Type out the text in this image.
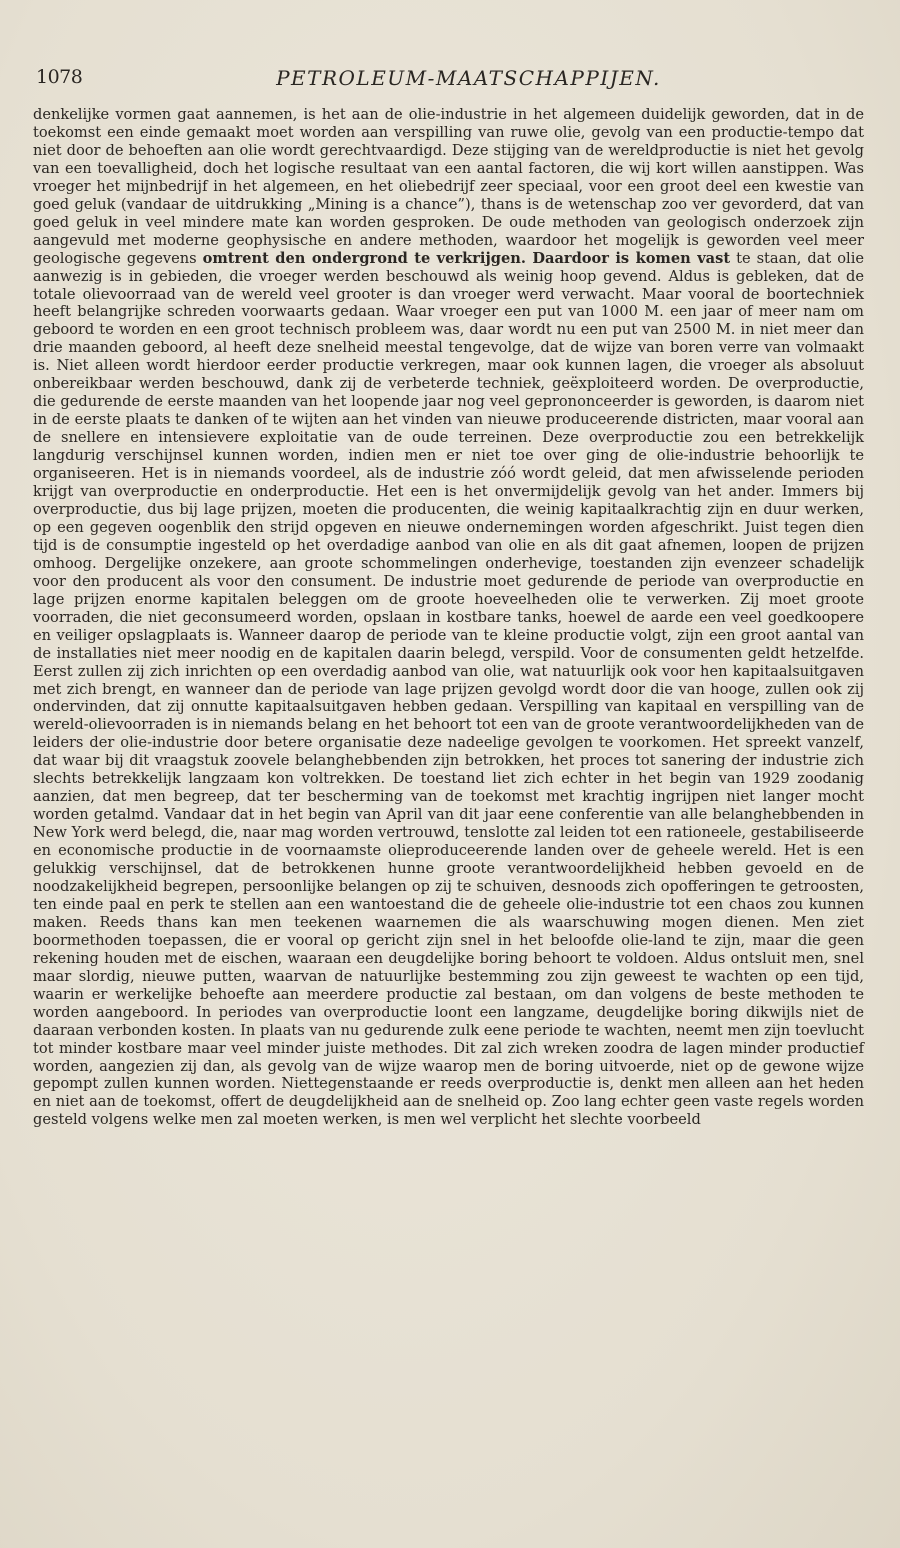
1078	PETROLEUM-MAATSCHAPPIJEN.

denkelijke vormen gaat aannemen, is het aan de olie-industrie in het algemeen duidelijk geworden, dat in de toekomst een einde gemaakt moet worden aan verspilling van ruwe olie, gevolg van een productie-tempo dat niet door de behoeften aan olie wordt gerechtvaardigd. Deze stijging van de wereldproductie is niet het gevolg van een toevalligheid, doch het logische resultaat van een aantal factoren, die wij kort willen aanstippen. Was vroeger het mijnbedrijf in het algemeen, en het oliebedrijf zeer speciaal, voor een groot deel een kwestie van goed geluk (vandaar de uitdrukking „Mining is a chance”), thans is de wetenschap zoo ver gevorderd, dat van goed geluk in veel mindere mate kan worden gesproken. De oude methoden van geologisch onderzoek zijn aangevuld met moderne geophysische en andere methoden, waardoor het mogelijk is geworden veel meer geologische gegevens omtrent den ondergrond te verkrijgen. Daardoor is komen vast te staan, dat olie aanwezig is in gebieden, die vroeger werden beschouwd als weinig hoop gevend. Aldus is gebleken, dat de totale olievoorraad van de wereld veel grooter is dan vroeger werd verwacht. Maar vooral de boortechniek heeft belangrijke schreden voorwaarts gedaan. Waar vroeger een put van 1000 M. een jaar of meer nam om geboord te worden en een groot technisch probleem was, daar wordt nu een put van 2500 M. in niet meer dan drie maanden geboord, al heeft deze snelheid meestal tengevolge, dat de wijze van boren verre van volmaakt is. Niet alleen wordt hierdoor eerder productie verkregen, maar ook kunnen lagen, die vroeger als absoluut onbereikbaar werden beschouwd, dank zij de verbeterde techniek, geëxploiteerd worden. De overproductie, die gedurende de eerste maanden van het loopende jaar nog veel geprononceerder is geworden, is daarom niet in de eerste plaats te danken of te wijten aan het vinden van nieuwe produceerende districten, maar vooral aan de snellere en intensievere exploitatie van de oude terreinen. Deze overproductie zou een betrekkelijk langdurig verschijnsel kunnen worden, indien men er niet toe over ging de olie-industrie behoorlijk te organiseeren. Het is in niemands voordeel, als de industrie zóó wordt geleid, dat men afwisselende perioden krijgt van overproductie en onderproductie. Het een is het onvermijdelijk gevolg van het ander. Immers bij overproductie, dus bij lage prijzen, moeten die producenten, die weinig kapitaalkrachtig zijn en duur werken, op een gegeven oogenblik den strijd opgeven en nieuwe ondernemingen worden afgeschrikt. Juist tegen dien tijd is de consumptie ingesteld op het overdadige aanbod van olie en als dit gaat afnemen, loopen de prijzen omhoog. Dergelijke onzekere, aan groote schommelingen onderhevige, toestanden zijn evenzeer schadelijk voor den producent als voor den consument. De industrie moet gedurende de periode van overproductie en lage prijzen enorme kapitalen beleggen om de groote hoeveelheden olie te verwerken. Zij moet groote voorraden, die niet geconsumeerd worden, opslaan in kostbare tanks, hoewel de aarde een veel goedkoopere en veiliger opslagplaats is. Wanneer daarop de periode van te kleine productie volgt, zijn een groot aantal van de installaties niet meer noodig en de kapitalen daarin belegd, verspild. Voor de consumenten geldt hetzelfde. Eerst zullen zij zich inrichten op een overdadig aanbod van olie, wat natuurlijk ook voor hen kapitaalsuitgaven met zich brengt, en wanneer dan de periode van lage prijzen gevolgd wordt door die van hooge, zullen ook zij ondervinden, dat zij onnutte kapitaalsuitgaven hebben gedaan. Verspilling van kapitaal en verspilling van de wereld-olievoorraden is in niemands belang en het behoort tot een van de groote verantwoordelijkheden van de leiders der olie-industrie door betere organisatie deze nadeelige gevolgen te voorkomen. Het spreekt vanzelf, dat waar bij dit vraagstuk zoovele belanghebbenden zijn betrokken, het proces tot sanering der industrie zich slechts betrekkelijk langzaam kon voltrekken. De toestand liet zich echter in het begin van 1929 zoodanig aanzien, dat men begreep, dat ter bescherming van de toekomst met krachtig ingrijpen niet langer mocht worden getalmd. Vandaar dat in het begin van April van dit jaar eene conferentie van alle belanghebbenden in New York werd belegd, die, naar mag worden vertrouwd, tenslotte zal leiden tot een rationeele, gestabiliseerde en economische productie in de voornaamste olieproduceerende landen over de geheele wereld. Het is een gelukkig verschijnsel, dat de betrokkenen hunne groote verantwoordelijkheid hebben gevoeld en de noodzakelijkheid begrepen, persoonlijke belangen op zij te schuiven, desnoods zich opofferingen te getroosten, ten einde paal en perk te stellen aan een wantoestand die de geheele olie-industrie tot een chaos zou kunnen maken. Reeds thans kan men teekenen waarnemen die als waarschuwing mogen dienen. Men ziet boormethoden toepassen, die er vooral op gericht zijn snel in het beloofde olie-land te zijn, maar die geen rekening houden met de eischen, waaraan een deugdelijke boring behoort te voldoen. Aldus ontsluit men, snel maar slordig, nieuwe putten, waarvan de natuurlijke bestemming zou zijn geweest te wachten op een tijd, waarin er werkelijke behoefte aan meerdere productie zal bestaan, om dan volgens de beste methoden te worden aangeboord. In periodes van overproductie loont een langzame, deugdelijke boring dikwijls niet de daaraan verbonden kosten. In plaats van nu gedurende zulk eene periode te wachten, neemt men zijn toevlucht tot minder kostbare maar veel minder juiste methodes. Dit zal zich wreken zoodra de lagen minder productief worden, aangezien zij dan, als gevolg van de wijze waarop men de boring uitvoerde, niet op de gewone wijze gepompt zullen kunnen worden. Niettegenstaande er reeds overproductie is, denkt men alleen aan het heden en niet aan de toekomst, offert de deugdelijkheid aan de snelheid op. Zoo lang echter geen vaste regels worden gesteld volgens welke men zal moeten werken, is men wel verplicht het slechte voorbeeld
